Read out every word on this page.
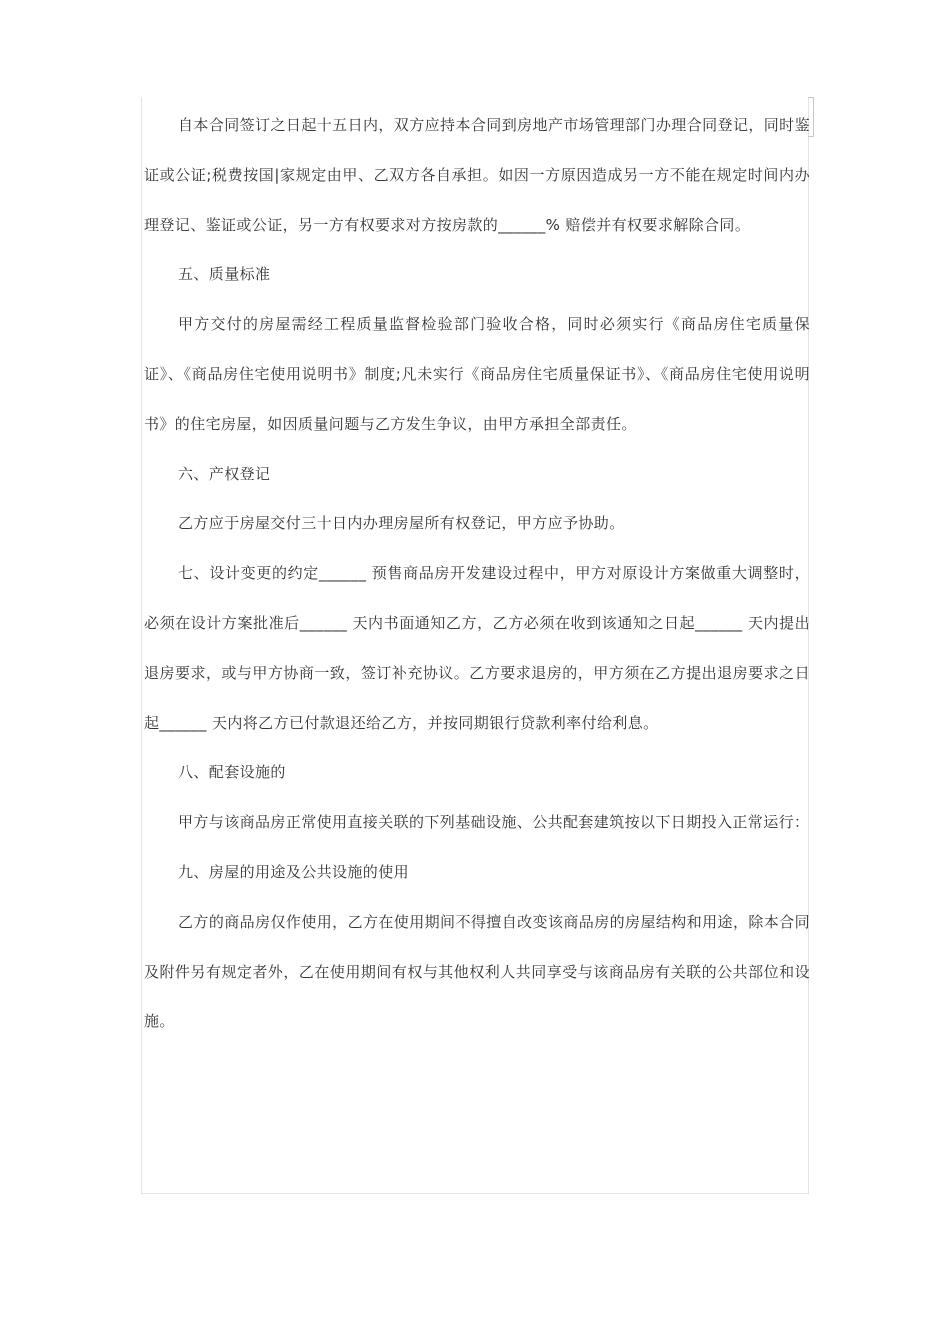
自本合同签订之日起十五日内，双方应持本合同到房地产市场管理部门办理合同登记，同时鉴证或公证;税费按国|家规定由甲、乙双方各自承担。如因一方原因造成另一方不能在规定时间内办理登记、鉴证或公证，另一方有权要求对方按房款的______% 赔偿并有权要求解除合同。

五、质量标准

甲方交付的房屋需经工程质量监督检验部门验收合格，同时必须实行《商品房住宅质量保证》、《商品房住宅使用说明书》制度;凡未实行《商品房住宅质量保证书》、《商品房住宅使用说明书》的住宅房屋，如因质量问题与乙方发生争议，由甲方承担全部责任。

六、产权登记

乙方应于房屋交付三十日内办理房屋所有权登记，甲方应予协助。

七、设计变更的约定______ 预售商品房开发建设过程中，甲方对原设计方案做重大调整时，必须在设计方案批准后______ 天内书面通知乙方，乙方必须在收到该通知之日起______ 天内提出退房要求，或与甲方协商一致，签订补充协议。乙方要求退房的，甲方须在乙方提出退房要求之日起______ 天内将乙方已付款退还给乙方，并按同期银行贷款利率付给利息。

八、配套设施的

甲方与该商品房正常使用直接关联的下列基础设施、公共配套建筑按以下日期投入正常运行：

九、房屋的用途及公共设施的使用

乙方的商品房仅作使用，乙方在使用期间不得擅自改变该商品房的房屋结构和用途，除本合同及附件另有规定者外，乙在使用期间有权与其他权利人共同享受与该商品房有关联的公共部位和设施。
